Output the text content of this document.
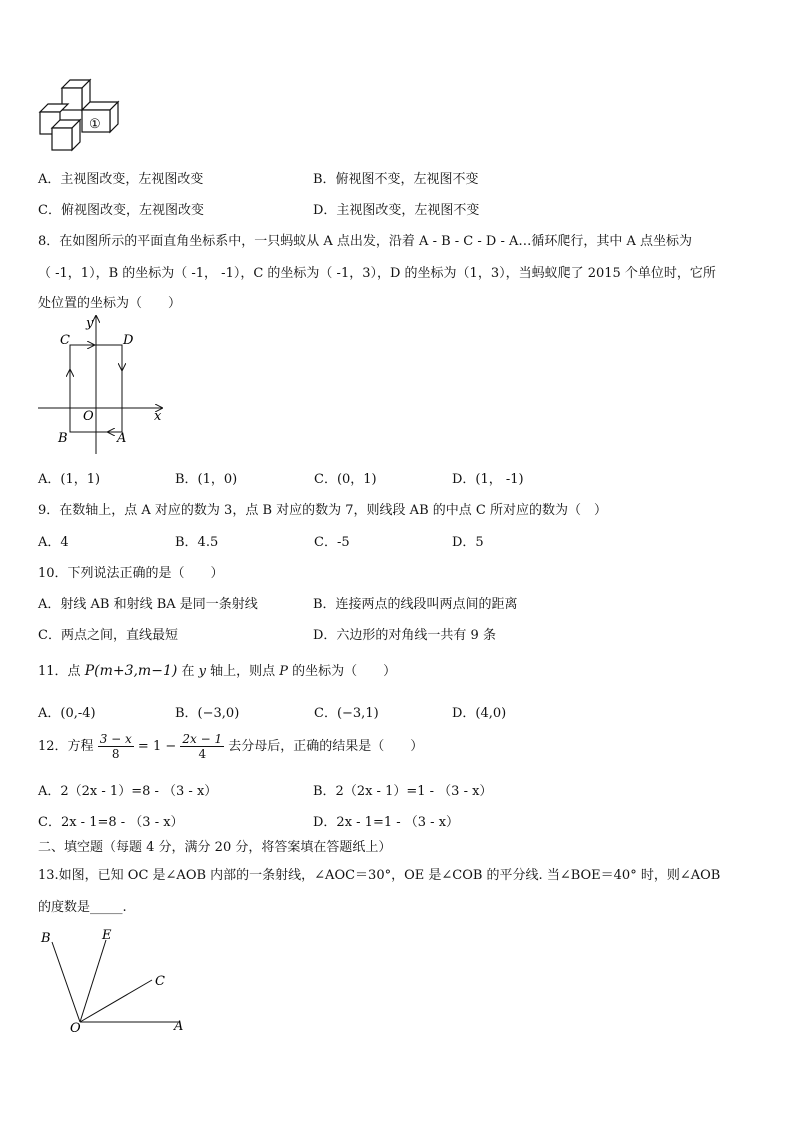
①
A．主视图改变，左视图改变	B．俯视图不变，左视图不变
C．俯视图改变，左视图改变	D．主视图改变，左视图不变
8．在如图所示的平面直角坐标系中，一只蚂蚁从 A 点出发，沿着 A - B - C - D - A…循环爬行，其中 A 点坐标为
（ -1，1），B 的坐标为（ -1， -1），C 的坐标为（ -1，3），D 的坐标为（1，3），当蚂蚁爬了 2015 个单位时，它所
处位置的坐标为（　　）
y
x
O
C	D
B	A
A．(1，1)	B．(1，0)	C．(0，1)	D．(1， -1)
9．在数轴上，点 A 对应的数为 3，点 B 对应的数为 7，则线段 AB 的中点 C 所对应的数为（　）
A．4	B．4.5	C．-5	D．5
10．下列说法正确的是（　　）
A．射线 AB 和射线 BA 是同一条射线	B．连接两点的线段叫两点间的距离
C．两点之间，直线最短	D．六边形的对角线一共有 9 条
11．点 P(m+3,m−1) 在 y 轴上，则点 P 的坐标为（　　）
A．(0,-4)	B．(−3,0)	C．(−3,1)	D．(4,0)
12．方程 $\frac{3 - x}{8} = 1 - \frac{2x - 1}{4}$ 去分母后，正确的结果是（　　）
A．2（2x - 1）=8 - （3 - x）	B．2（2x - 1）=1 - （3 - x）
C．2x - 1=8 - （3 - x）	D．2x - 1=1 - （3 - x）
二、填空题（每题 4 分，满分 20 分，将答案填在答题纸上）
13.如图，已知 OC 是∠AOB 内部的一条射线，∠AOC＝30°，OE 是∠COB 的平分线. 当∠BOE＝40° 时，则∠AOB
的度数是_____.
B	E
C
O	A
